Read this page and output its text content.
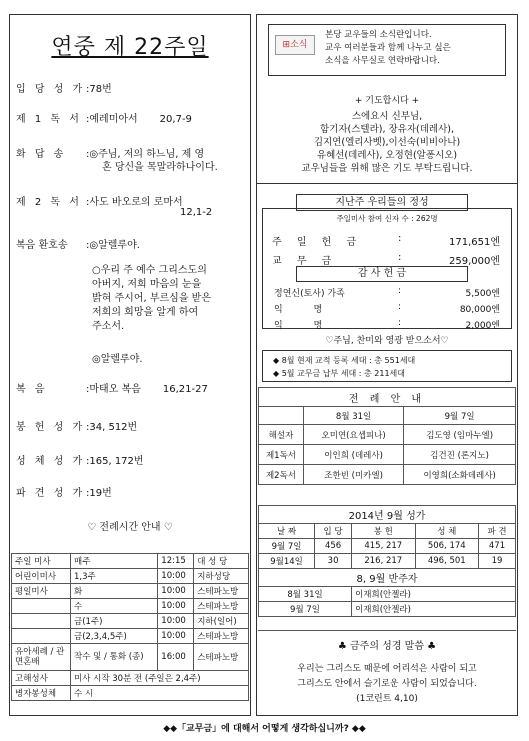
연중 제 22주일
입 당 성 가:78번
제 1 독 서 :예레미아서 20,7-9
화 답 송 :◎주님, 저의 하느님, 제 영
혼 당신을 목말라하나이다.
제 2 독 서 :사도 바오로의 로마서
12,1-2
복음 환호송 :◎알렐루야.
○우리 주 예수 그리스도의
아버지, 저희 마음의 눈을
밝혀 주시어, 부르심을 받은
저희의 희망을 알게 하여
주소서.
◎알렐루야.
복 음	:마태오 복음 16,21-27
봉 헌 성 가:34, 512번
성 체 성 가:165, 172번
파 견 성 가:19번
♡ 전례시간 안내 ♡
주일 미사	매주	12:15	대 성 당
어린이미사	1,3주	10:00	지하성당
평일미사	화	10:00	스테파노방
	수	10:00	스테파노방
	금(1주)	10:00	지하(일어)
	금(2,3,4,5주)	10:00	스테파노방
유아세례 / 관면혼배	작수 및 / 통화 (종)	16:00	스테파노방
고해성사	미사 시작 30분 전 (주일은 2,4주)		
병자봉성체	수 시		
⊞소식
본당 교우들의 소식란입니다.
교우 여러분들과 함께 나누고 싶은
소식을 사무실로 연락바랍니다.
+ 기도합시다 +
스에요시 신부님,
함기자(스텔라), 장유자(데레사),
김지연(엘리사벳),이선숙(비비아나)
유혜선(데레사), 오정현(알퐁시오)
교우님들을 위해 많은 기도 부탁드립니다.
지난주 우리들의 정성
주일미사 참여 신자 수 : 262명
주 일 헌 금	:	171,651엔
교 무 금	:	259,000엔
감 사 헌 금
정연신(토사) 가족	:	5,500엔
익 명	:	80,000엔
익 명	:	2,000엔
♡주님, 찬미와 영광 받으소서♡
◆ 8월 현재 교적 등록 세대 : 총 551세대
◆ 5월 교무금 납부 세대 : 총 211세대
전 례 안 내		
	8월 31일	9월 7일
해설자	오미연(요셉피나)	김도영 (임마누엘)
제1독서	이인희 (데레사)	김건진 (론지노)
제2독서	조한빈 (미카엘)	이영희(소화데레사)
2014년 9월 성가				
날 짜	입 당	봉 헌	성 체	파 견
9월 7일	456	415, 217	506, 174	471
9월14일	30	216, 217	496, 501	19
8, 9월 반주자				
8월 31일		이재희(안젤라)		
9월 7일		이재희(안젤라)		
♣ 금주의 성경 말씀 ♣
우리는 그리스도 때문에 어리석은 사람이 되고
그리스도 안에서 슬기로운 사람이 되었습니다.
(1코린트 4,10)
◆◆「교무금」에 대해서 어떻게 생각하십니까? ◆◆
